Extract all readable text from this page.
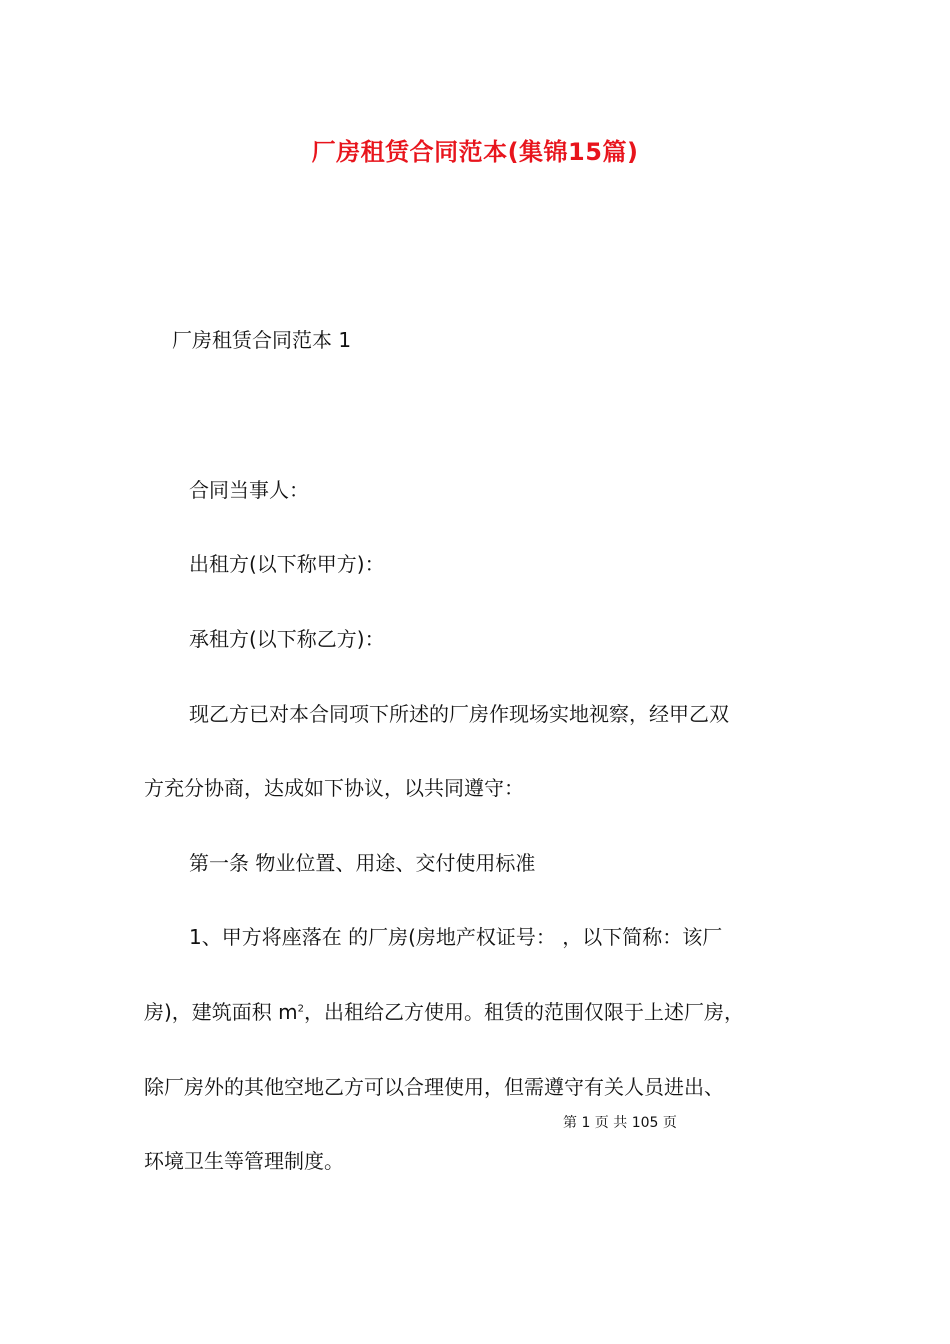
厂房租赁合同范本(集锦15篇)

厂房租赁合同范本 1

合同当事人：

出租方(以下称甲方)：

承租方(以下称乙方)：

现乙方已对本合同项下所述的厂房作现场实地视察，经甲乙双

方充分协商，达成如下协议，以共同遵守：

第一条 物业位置、用途、交付使用标准

1、甲方将座落在 的厂房(房地产权证号： ，以下简称：该厂

房)，建筑面积 $m^2$，出租给乙方使用。租赁的范围仅限于上述厂房，

除厂房外的其他空地乙方可以合理使用，但需遵守有关人员进出、

第 1 页 共 105 页

环境卫生等管理制度。
